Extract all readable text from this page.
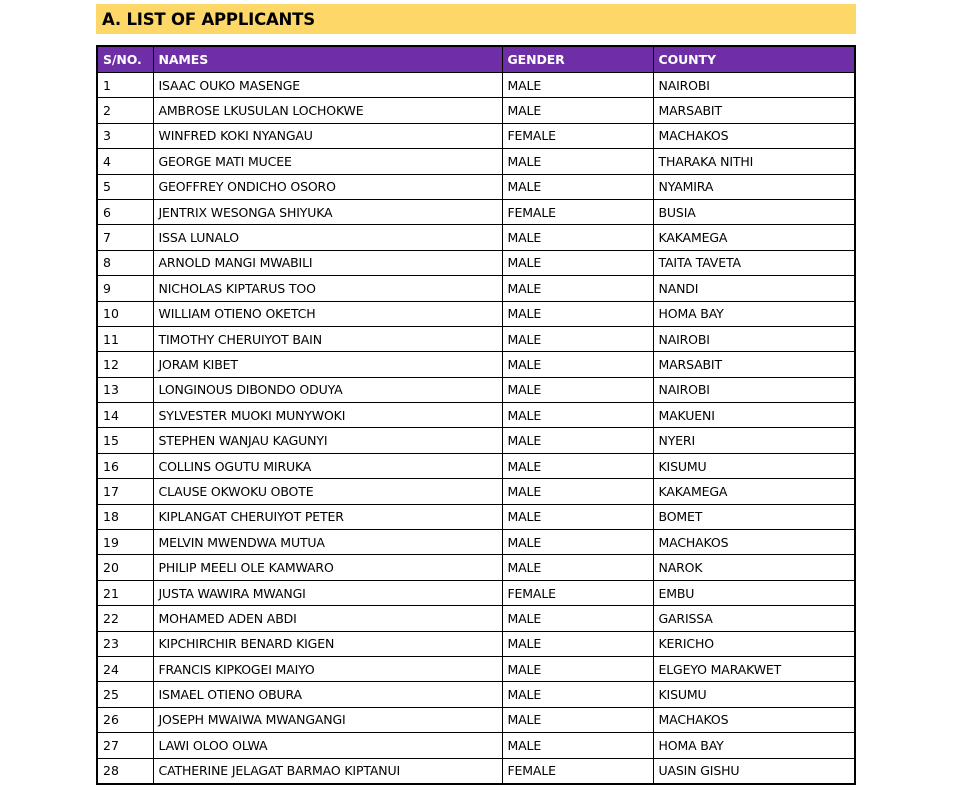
A. LIST OF APPLICANTS
S/NO.	NAMES	GENDER	COUNTY
1	ISAAC OUKO MASENGE	MALE	NAIROBI
2	AMBROSE LKUSULAN LOCHOKWE	MALE	MARSABIT
3	WINFRED KOKI NYANGAU	FEMALE	MACHAKOS
4	GEORGE MATI MUCEE	MALE	THARAKA NITHI
5	GEOFFREY ONDICHO OSORO	MALE	NYAMIRA
6	JENTRIX WESONGA SHIYUKA	FEMALE	BUSIA
7	ISSA LUNALO	MALE	KAKAMEGA
8	ARNOLD MANGI MWABILI	MALE	TAITA TAVETA
9	NICHOLAS KIPTARUS TOO	MALE	NANDI
10	WILLIAM OTIENO OKETCH	MALE	HOMA BAY
11	TIMOTHY CHERUIYOT BAIN	MALE	NAIROBI
12	JORAM KIBET	MALE	MARSABIT
13	LONGINOUS DIBONDO ODUYA	MALE	NAIROBI
14	SYLVESTER MUOKI MUNYWOKI	MALE	MAKUENI
15	STEPHEN WANJAU KAGUNYI	MALE	NYERI
16	COLLINS OGUTU MIRUKA	MALE	KISUMU
17	CLAUSE OKWOKU OBOTE	MALE	KAKAMEGA
18	KIPLANGAT CHERUIYOT PETER	MALE	BOMET
19	MELVIN MWENDWA MUTUA	MALE	MACHAKOS
20	PHILIP MEELI OLE KAMWARO	MALE	NAROK
21	JUSTA WAWIRA MWANGI	FEMALE	EMBU
22	MOHAMED ADEN ABDI	MALE	GARISSA
23	KIPCHIRCHIR BENARD KIGEN	MALE	KERICHO
24	FRANCIS KIPKOGEI MAIYO	MALE	ELGEYO MARAKWET
25	ISMAEL OTIENO OBURA	MALE	KISUMU
26	JOSEPH MWAIWA MWANGANGI	MALE	MACHAKOS
27	LAWI OLOO OLWA	MALE	HOMA BAY
28	CATHERINE JELAGAT BARMAO KIPTANUI	FEMALE	UASIN GISHU
